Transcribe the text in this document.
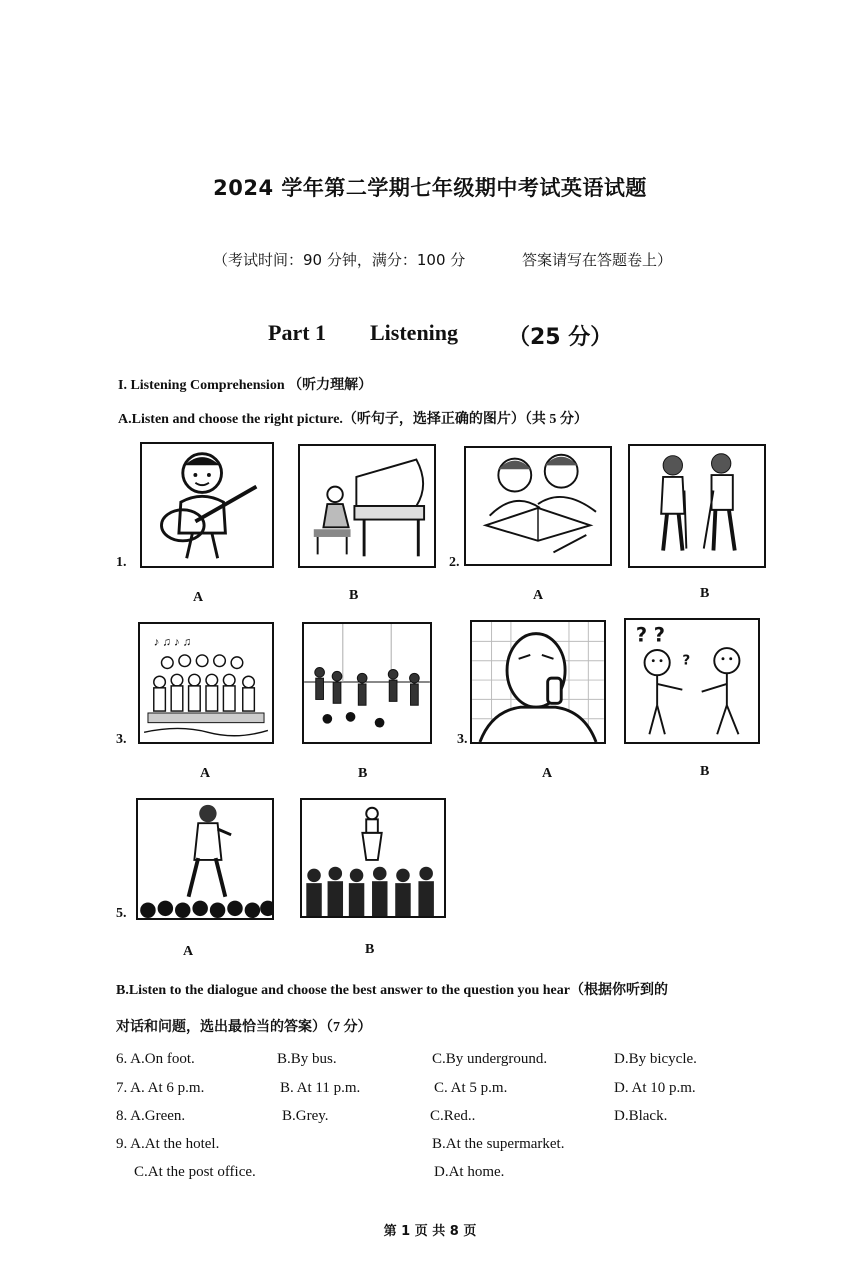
2024 学年第二学期七年级期中考试英语试题
（考试时间：90 分钟，满分：100 分	答案请写在答题卷上）
Part 1 Listening （25 分）
I. Listening Comprehension （听力理解）
A.Listen and choose the right picture.（听句子，选择正确的图片）（共 5 分）
1.	2.
A	B	A	B
♪ ♫ ♪ ♫	? ?
?
3.	3.
A	B	A	B
5.
A	B
B.Listen to the dialogue and choose the best answer to the question you hear（根据你听到的
对话和问题，选出最恰当的答案）（7 分）
6. A.On foot.	B.By bus.	C.By underground.	D.By bicycle.
7. A. At 6 p.m.	B. At 11 p.m.	C. At 5 p.m.	D. At 10 p.m.
8. A.Green.	B.Grey.	C.Red..	D.Black.
9. A.At the hotel.	B.At the supermarket.
C.At the post office.	D.At home.
第 1 页 共 8 页
